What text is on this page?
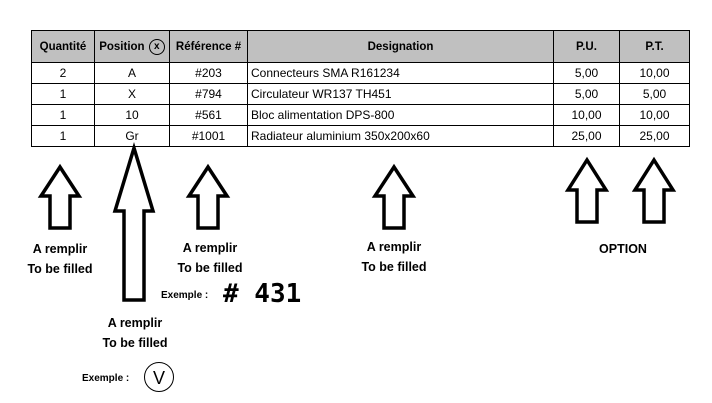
Quantité	Position x	Référence #	Designation	P.U.	P.T.
2	A	#203	Connecteurs SMA R161234	5,00	10,00
1	X	#794	Circulateur WR137 TH451	5,00	5,00
1	10	#561	Bloc alimentation DPS-800	10,00	10,00
1	Gr	#1001	Radiateur aluminium 350x200x60	25,00	25,00
A remplir
To be filled
A remplir
To be filled
A remplir
To be filled
A remplir
To be filled
OPTION
Exemple : # 431
Exemple :	V
